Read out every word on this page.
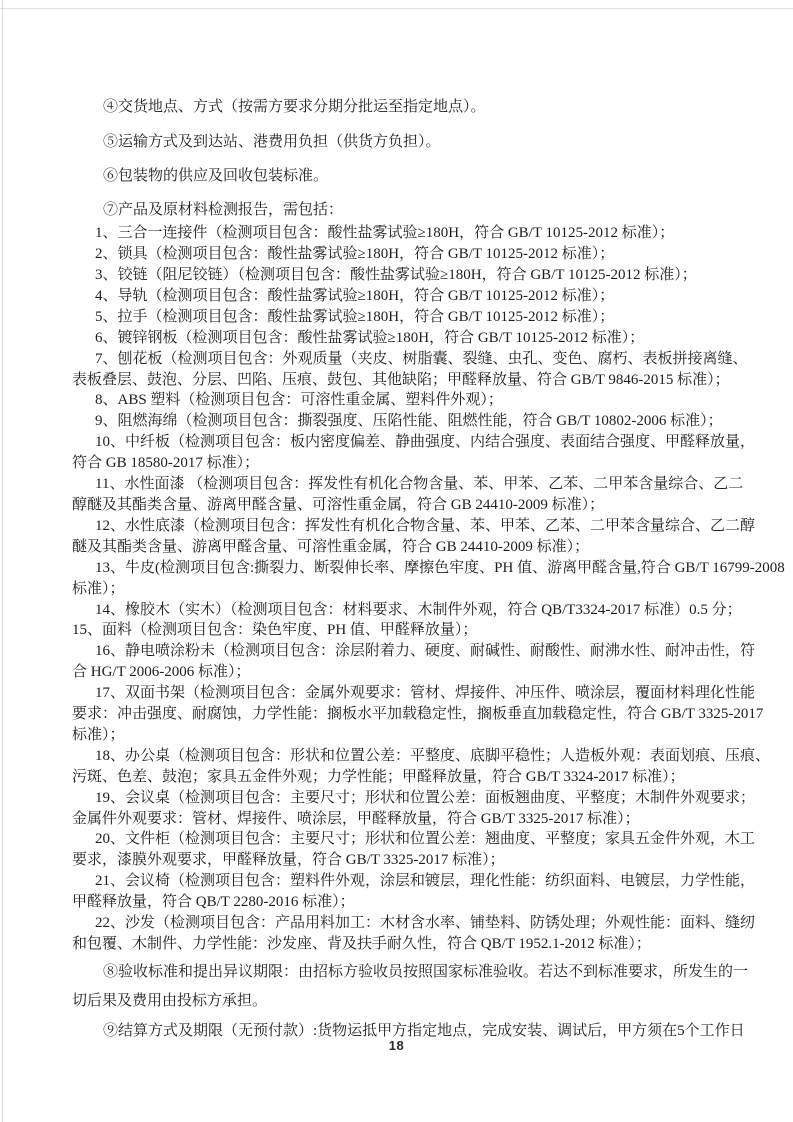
④交货地点、方式（按需方要求分期分批运至指定地点）。
⑤运输方式及到达站、港费用负担（供货方负担）。
⑥包装物的供应及回收包装标准。
⑦产品及原材料检测报告，需包括：
1、三合一连接件（检测项目包含：酸性盐雾试验≥180H，符合 GB/T 10125-2012 标准）；
2、锁具（检测项目包含：酸性盐雾试验≥180H，符合 GB/T 10125-2012 标准）；
3、铰链（阻尼铰链）（检测项目包含：酸性盐雾试验≥180H，符合 GB/T 10125-2012 标准）；
4、导轨（检测项目包含：酸性盐雾试验≥180H，符合 GB/T 10125-2012 标准）；
5、拉手（检测项目包含：酸性盐雾试验≥180H，符合 GB/T 10125-2012 标准）；
6、镀锌钢板（检测项目包含：酸性盐雾试验≥180H，符合 GB/T 10125-2012 标准）；
7、刨花板（检测项目包含：外观质量（夹皮、树脂囊、裂缝、虫孔、变色、腐朽、表板拼接离缝、
表板叠层、鼓泡、分层、凹陷、压痕、鼓包、其他缺陷；甲醛释放量、符合 GB/T 9846-2015 标准）；
8、ABS 塑料（检测项目包含：可溶性重金属、塑料件外观）；
9、阻燃海绵（检测项目包含：撕裂强度、压陷性能、阻燃性能，符合 GB/T 10802-2006 标准）；
10、中纤板（检测项目包含：板内密度偏差、静曲强度、内结合强度、表面结合强度、甲醛释放量，
符合 GB 18580-2017 标准）；
11、水性面漆 （检测项目包含：挥发性有机化合物含量、苯、甲苯、乙苯、二甲苯含量综合、乙二
醇醚及其酯类含量、游离甲醛含量、可溶性重金属，符合 GB 24410-2009 标准）；
12、水性底漆（检测项目包含：挥发性有机化合物含量、苯、甲苯、乙苯、二甲苯含量综合、乙二醇
醚及其酯类含量、游离甲醛含量、可溶性重金属，符合 GB 24410-2009 标准）；
13、牛皮(检测项目包含:撕裂力、断裂伸长率、摩擦色牢度、PH 值、游离甲醛含量,符合 GB/T 16799-2008
标准）；
14、橡胶木（实木）（检测项目包含：材料要求、木制件外观，符合 QB/T3324-2017 标准）0.5 分；
15、面料（检测项目包含：染色牢度、PH 值、甲醛释放量）；
16、静电喷涂粉未（检测项目包含：涂层附着力、硬度、耐碱性、耐酸性、耐沸水性、耐冲击性，符
合 HG/T 2006-2006 标准）；
17、双面书架（检测项目包含：金属外观要求：管材、焊接件、冲压件、喷涂层，覆面材料理化性能
要求：冲击强度、耐腐蚀，力学性能：搁板水平加载稳定性，搁板垂直加载稳定性，符合 GB/T 3325-2017
标准）；
18、办公桌（检测项目包含：形状和位置公差：平整度、底脚平稳性；人造板外观：表面划痕、压痕、
污斑、色差、鼓泡；家具五金件外观；力学性能；甲醛释放量，符合 GB/T 3324-2017 标准）；
19、会议桌（检测项目包含：主要尺寸；形状和位置公差：面板翘曲度、平整度；木制件外观要求；
金属件外观要求：管材、焊接件、喷涂层，甲醛释放量，符合 GB/T 3325-2017 标准）；
20、文件柜（检测项目包含：主要尺寸；形状和位置公差：翘曲度、平整度；家具五金件外观，木工
要求，漆膜外观要求，甲醛释放量，符合 GB/T 3325-2017 标准）；
21、会议椅（检测项目包含：塑料件外观，涂层和镀层，理化性能：纺织面料、电镀层，力学性能，
甲醛释放量，符合 QB/T 2280-2016 标准）；
22、沙发（检测项目包含：产品用料加工：木材含水率、铺垫料、防锈处理；外观性能：面料、缝纫
和包覆、木制件、力学性能：沙发座、背及扶手耐久性，符合 QB/T 1952.1-2012 标准）；
⑧验收标准和提出异议期限：由招标方验收员按照国家标准验收。若达不到标准要求，所发生的一
切后果及费用由投标方承担。
⑨结算方式及期限（无预付款）:货物运抵甲方指定地点，完成安装、调试后，甲方须在5个工作日
18
